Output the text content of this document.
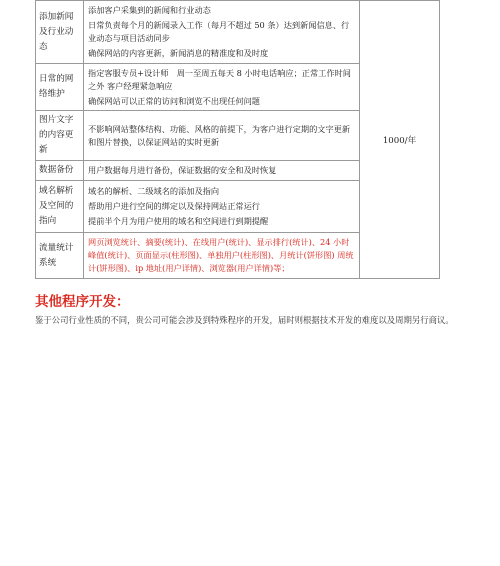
添加新闻及行业动态	添加客户采集到的新闻和行业动态
日常负责每个月的新闻录入工作（每月不超过 50 条）达到新闻信息、行业动态与项目活动同步
确保网站的内容更新，新闻消息的精准度和及时度	1000/年
日常的网络维护	指定客服专员+设计师　周一至周五每天 8 小时电话响应；正常工作时间之外 客户经理紧急响应
确保网站可以正常的访问和浏览不出现任何问题	

图片文字的内容更新	不影响网站整体结构、功能、风格的前提下，为客户进行定期的文字更新和图片替换，以保证网站的实时更新	

数据备份	用户数据每月进行备份，保证数据的安全和及时恢复	

域名解析及空间的指向	域名的解析、二级域名的添加及指向
帮助用户进行空间的绑定以及保持网站正常运行
提前半个月为用户使用的域名和空间进行到期提醒	

流量统计系统	网页浏览统计、摘要(统计)、在线用户(统计)、显示排行(统计)、24 小时峰值(统计)、页面显示(柱形图)、单独用户(柱形图)、月统计(饼形图) 周统计(饼形图)、ip 地址(用户详情)、浏览器(用户详情)等；	
其他程序开发：
鉴于公司行业性质的不同，贵公司可能会涉及到特殊程序的开发，届时则根据技术开发的难度以及周期另行商议。
